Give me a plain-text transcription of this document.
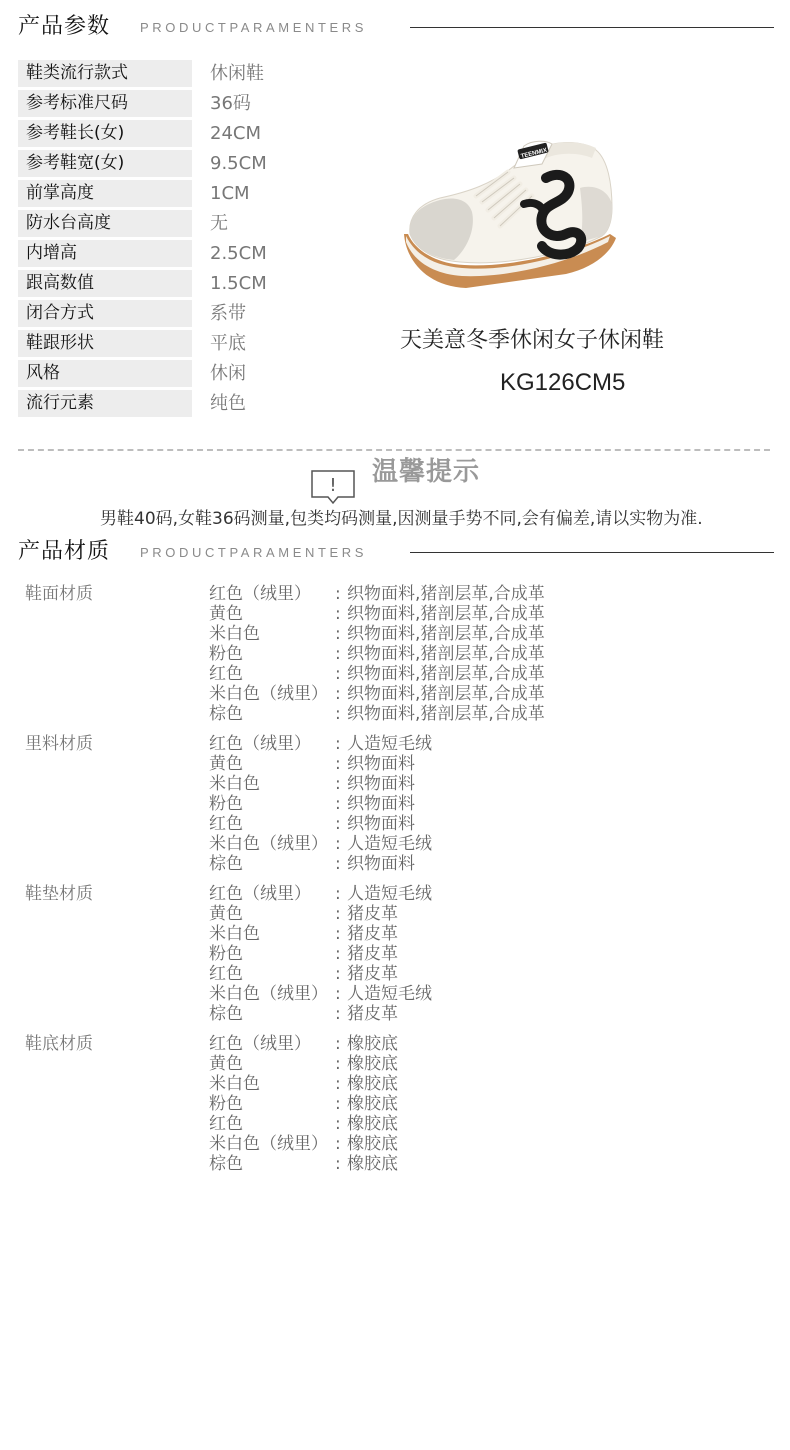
产品参数 PRODUCTPARAMENTERS
鞋类流行款式	休闲鞋
参考标准尺码	36码
参考鞋长(女)	24CM
参考鞋宽(女)	9.5CM
前掌高度	1CM
防水台高度	无
内增高	2.5CM
跟高数值	1.5CM
闭合方式	系带
鞋跟形状	平底
风格	休闲
流行元素	纯色
TEENMIX
天美意冬季休闲女子休闲鞋
KG126CM5
! 温馨提示
男鞋40码,女鞋36码测量,包类均码测量,因测量手势不同,会有偏差,请以实物为准.
产品材质 PRODUCTPARAMENTERS
鞋面材质	红色（绒里） : 织物面料,猪剖层革,合成革
黄色	: 织物面料,猪剖层革,合成革
米白色	: 织物面料,猪剖层革,合成革
粉色	: 织物面料,猪剖层革,合成革
红色	: 织物面料,猪剖层革,合成革
米白色（绒里） : 织物面料,猪剖层革,合成革
棕色	: 织物面料,猪剖层革,合成革
里料材质	红色（绒里） : 人造短毛绒
黄色	: 织物面料
米白色	: 织物面料
粉色	: 织物面料
红色	: 织物面料
米白色（绒里） : 人造短毛绒
棕色	: 织物面料
鞋垫材质	红色（绒里） : 人造短毛绒
黄色	: 猪皮革
米白色	: 猪皮革
粉色	: 猪皮革
红色	: 猪皮革
米白色（绒里） : 人造短毛绒
棕色	: 猪皮革
鞋底材质	红色（绒里） : 橡胶底
黄色	: 橡胶底
米白色	: 橡胶底
粉色	: 橡胶底
红色	: 橡胶底
米白色（绒里） : 橡胶底
棕色	: 橡胶底
